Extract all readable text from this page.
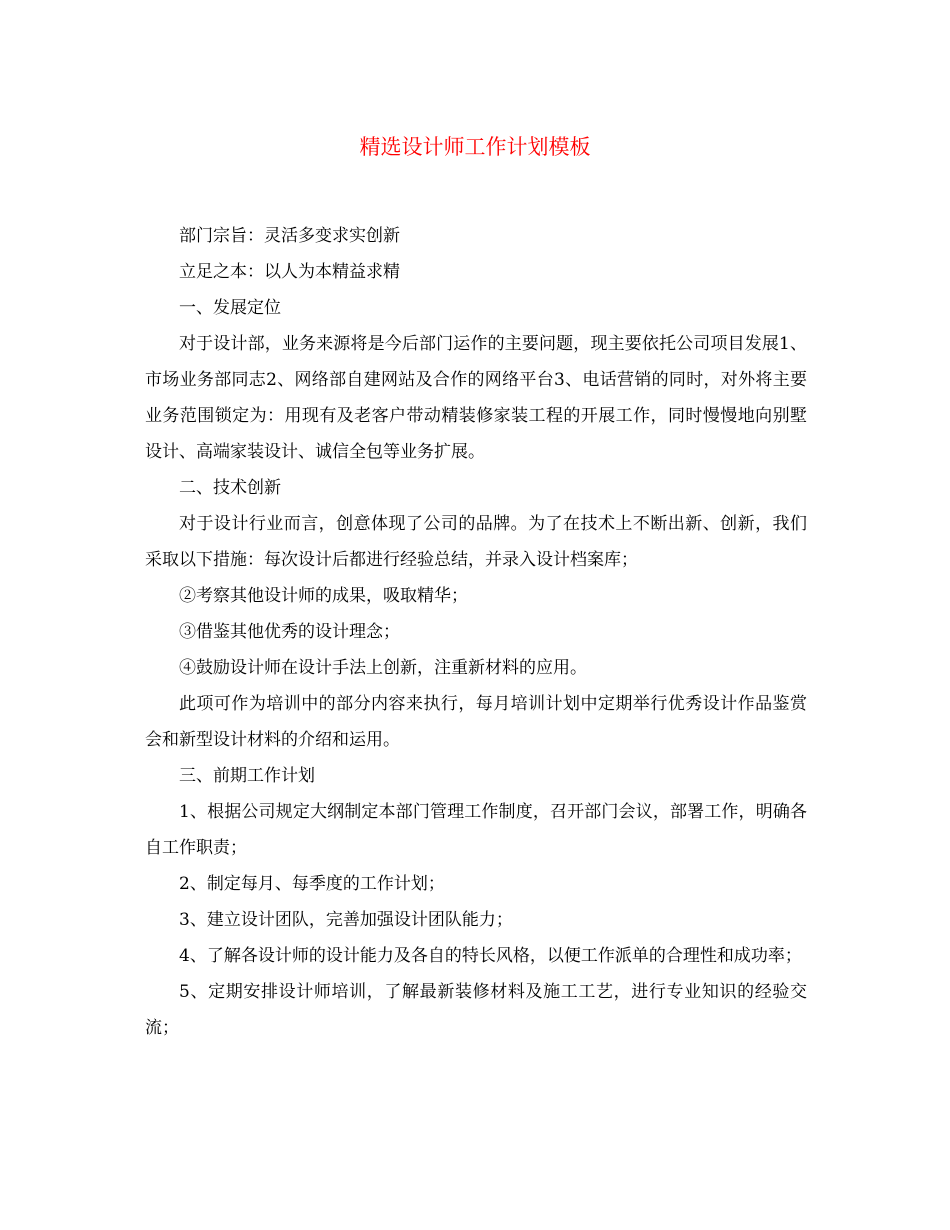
精选设计师工作计划模板

部门宗旨：灵活多变求实创新

立足之本：以人为本精益求精

一、发展定位

对于设计部，业务来源将是今后部门运作的主要问题，现主要依托公司项目发展1、市场业务部同志2、网络部自建网站及合作的网络平台3、电话营销的同时，对外将主要业务范围锁定为：用现有及老客户带动精装修家装工程的开展工作，同时慢慢地向别墅设计、高端家装设计、诚信全包等业务扩展。

二、技术创新

对于设计行业而言，创意体现了公司的品牌。为了在技术上不断出新、创新，我们采取以下措施：每次设计后都进行经验总结，并录入设计档案库；

②考察其他设计师的成果，吸取精华；

③借鉴其他优秀的设计理念；

④鼓励设计师在设计手法上创新，注重新材料的应用。

此项可作为培训中的部分内容来执行，每月培训计划中定期举行优秀设计作品鉴赏会和新型设计材料的介绍和运用。

三、前期工作计划

1、根据公司规定大纲制定本部门管理工作制度，召开部门会议，部署工作，明确各自工作职责；

2、制定每月、每季度的工作计划；

3、建立设计团队，完善加强设计团队能力；

4、了解各设计师的设计能力及各自的特长风格，以便工作派单的合理性和成功率；

5、定期安排设计师培训，了解最新装修材料及施工工艺，进行专业知识的经验交流；
